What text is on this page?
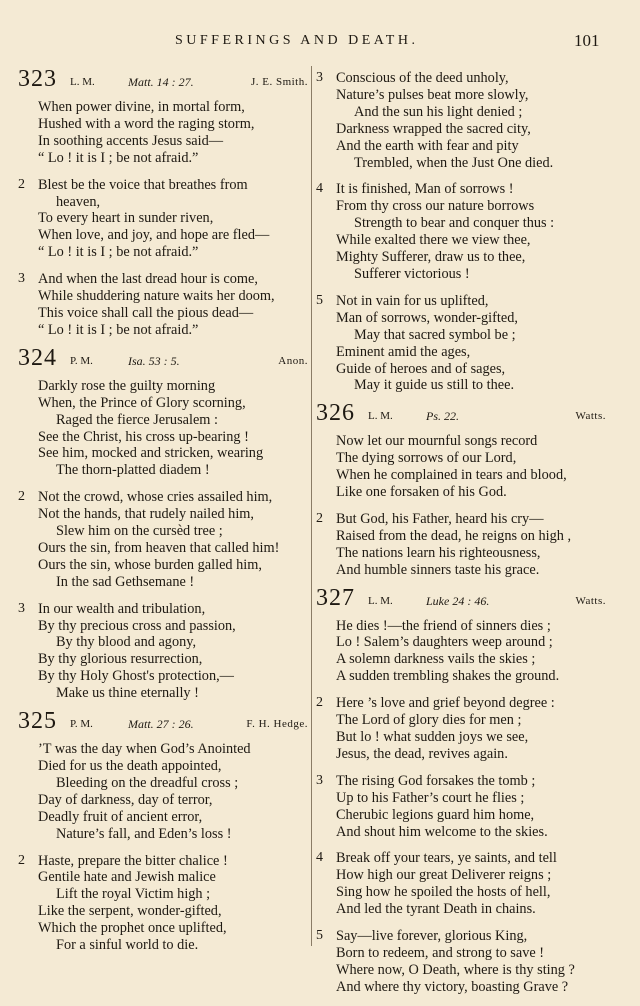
SUFFERINGS AND DEATH.	101
323 L. M.	Matt. 14 : 27.	J. E. Smith.
When power divine, in mortal form,
Hushed with a word the raging storm,
In soothing accents Jesus said—
“ Lo ! it is I ; be not afraid.”
2 Blest be the voice that breathes from
heaven,
To every heart in sunder riven,
When love, and joy, and hope are fled—
“ Lo ! it is I ; be not afraid.”
3 And when the last dread hour is come,
While shuddering nature waits her doom,
This voice shall call the pious dead—
“ Lo ! it is I ; be not afraid.”
324 P. M.	Isa. 53 : 5.	Anon.
Darkly rose the guilty morning
When, the Prince of Glory scorning,
Raged the fierce Jerusalem :
See the Christ, his cross up-bearing !
See him, mocked and stricken, wearing
The thorn-platted diadem !
2 Not the crowd, whose cries assailed him,
Not the hands, that rudely nailed him,
Slew him on the cursèd tree ;
Ours the sin, from heaven that called him!
Ours the sin, whose burden galled him,
In the sad Gethsemane !
3 In our wealth and tribulation,
By thy precious cross and passion,
By thy blood and agony,
By thy glorious resurrection,
By thy Holy Ghost's protection,—
Make us thine eternally !
325 P. M.	Matt. 27 : 26.	F. H. Hedge.
’T was the day when God’s Anointed
Died for us the death appointed,
Bleeding on the dreadful cross ;
Day of darkness, day of terror,
Deadly fruit of ancient error,
Nature’s fall, and Eden’s loss !
2 Haste, prepare the bitter chalice !
Gentile hate and Jewish malice
Lift the royal Victim high ;
Like the serpent, wonder-gifted,
Which the prophet once uplifted,
For a sinful world to die.
3 Conscious of the deed unholy,
Nature’s pulses beat more slowly,
And the sun his light denied ;
Darkness wrapped the sacred city,
And the earth with fear and pity
Trembled, when the Just One died.
4 It is finished, Man of sorrows !
From thy cross our nature borrows
Strength to bear and conquer thus :
While exalted there we view thee,
Mighty Sufferer, draw us to thee,
Sufferer victorious !
5 Not in vain for us uplifted,
Man of sorrows, wonder-gifted,
May that sacred symbol be ;
Eminent amid the ages,
Guide of heroes and of sages,
May it guide us still to thee.
326 L. M.	Ps. 22.	Watts.
Now let our mournful songs record
The dying sorrows of our Lord,
When he complained in tears and blood,
Like one forsaken of his God.
2 But God, his Father, heard his cry—
Raised from the dead, he reigns on high ,
The nations learn his righteousness,
And humble sinners taste his grace.
327 L. M.	Luke 24 : 46.	Watts.
He dies !—the friend of sinners dies ;
Lo ! Salem’s daughters weep around ;
A solemn darkness vails the skies ;
A sudden trembling shakes the ground.
2 Here ’s love and grief beyond degree :
The Lord of glory dies for men ;
But lo ! what sudden joys we see,
Jesus, the dead, revives again.
3 The rising God forsakes the tomb ;
Up to his Father’s court he flies ;
Cherubic legions guard him home,
And shout him welcome to the skies.
4 Break off your tears, ye saints, and tell
How high our great Deliverer reigns ;
Sing how he spoiled the hosts of hell,
And led the tyrant Death in chains.
5 Say—live forever, glorious King,
Born to redeem, and strong to save !
Where now, O Death, where is thy sting ?
And where thy victory, boasting Grave ?
